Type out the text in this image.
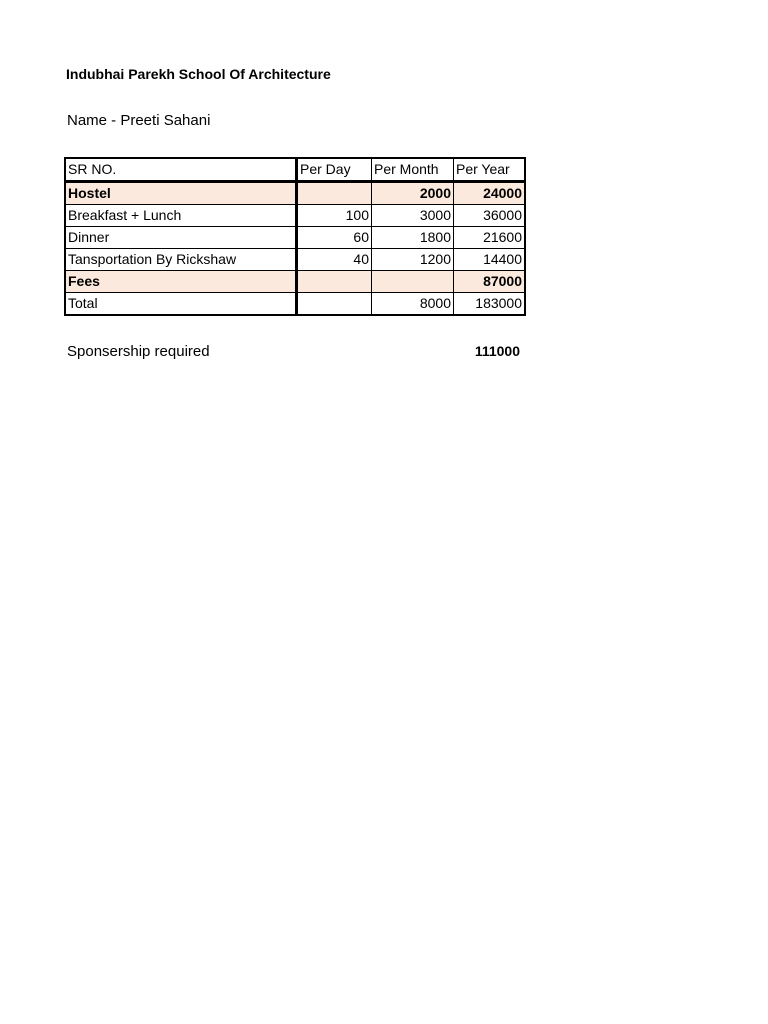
Indubhai Parekh School Of Architecture
Name - Preeti Sahani
SR NO.	Per Day	Per Month	Per Year
Hostel		2000	24000
Breakfast + Lunch	100	3000	36000
Dinner	60	1800	21600
Tansportation By Rickshaw	40	1200	14400
Fees			87000
Total		8000	183000
Sponsership required	111000
